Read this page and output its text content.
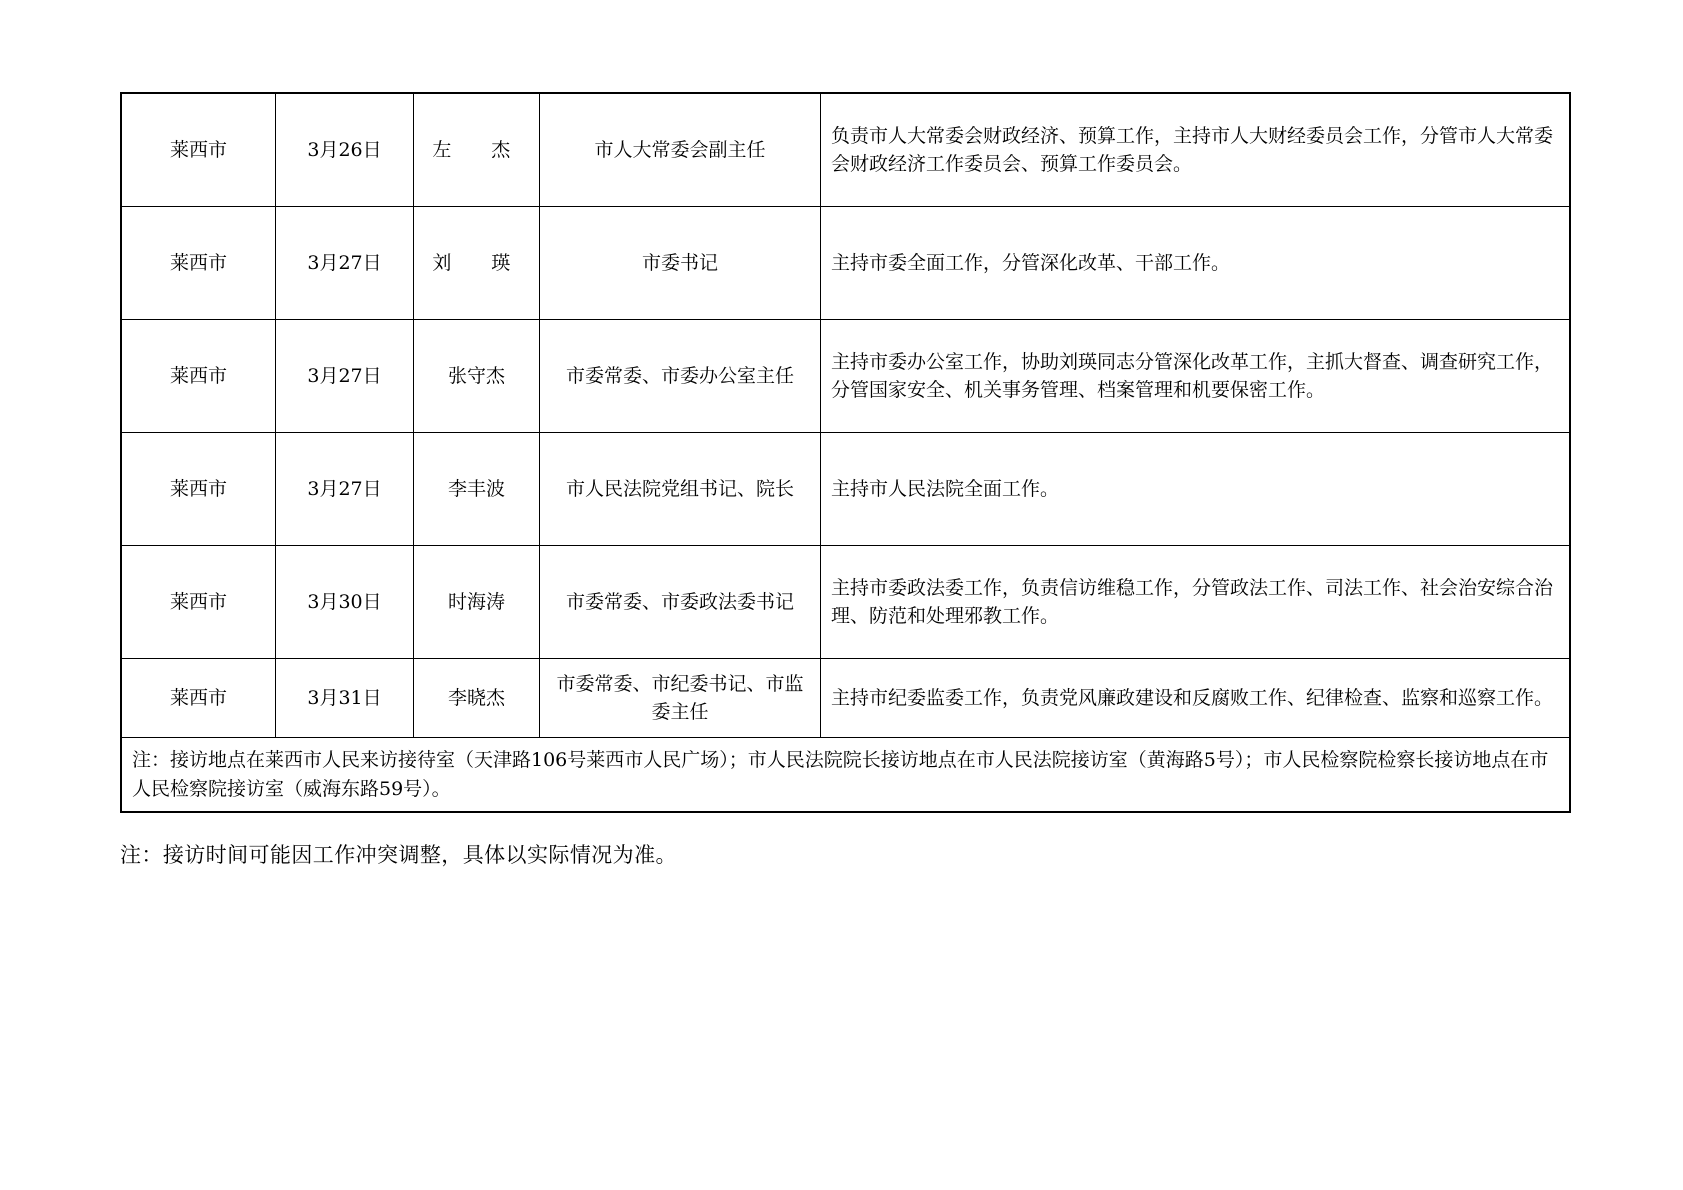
莱西市	3月26日	左　杰	市人大常委会副主任	负责市人大常委会财政经济、预算工作，主持市人大财经委员会工作，分管市人大常委会财政经济工作委员会、预算工作委员会。
莱西市	3月27日	刘　瑛	市委书记	主持市委全面工作，分管深化改革、干部工作。
莱西市	3月27日	张守杰	市委常委、市委办公室主任	主持市委办公室工作，协助刘瑛同志分管深化改革工作，主抓大督查、调查研究工作，分管国家安全、机关事务管理、档案管理和机要保密工作。
莱西市	3月27日	李丰波	市人民法院党组书记、院长	主持市人民法院全面工作。
莱西市	3月30日	时海涛	市委常委、市委政法委书记	主持市委政法委工作，负责信访维稳工作，分管政法工作、司法工作、社会治安综合治理、防范和处理邪教工作。
莱西市	3月31日	李晓杰	市委常委、市纪委书记、市监委主任	主持市纪委监委工作，负责党风廉政建设和反腐败工作、纪律检查、监察和巡察工作。
注：接访地点在莱西市人民来访接待室（天津路106号莱西市人民广场）；市人民法院院长接访地点在市人民法院接访室（黄海路5号）；市人民检察院检察长接访地点在市人民检察院接访室（威海东路59号）。				
注：接访时间可能因工作冲突调整，具体以实际情况为准。
